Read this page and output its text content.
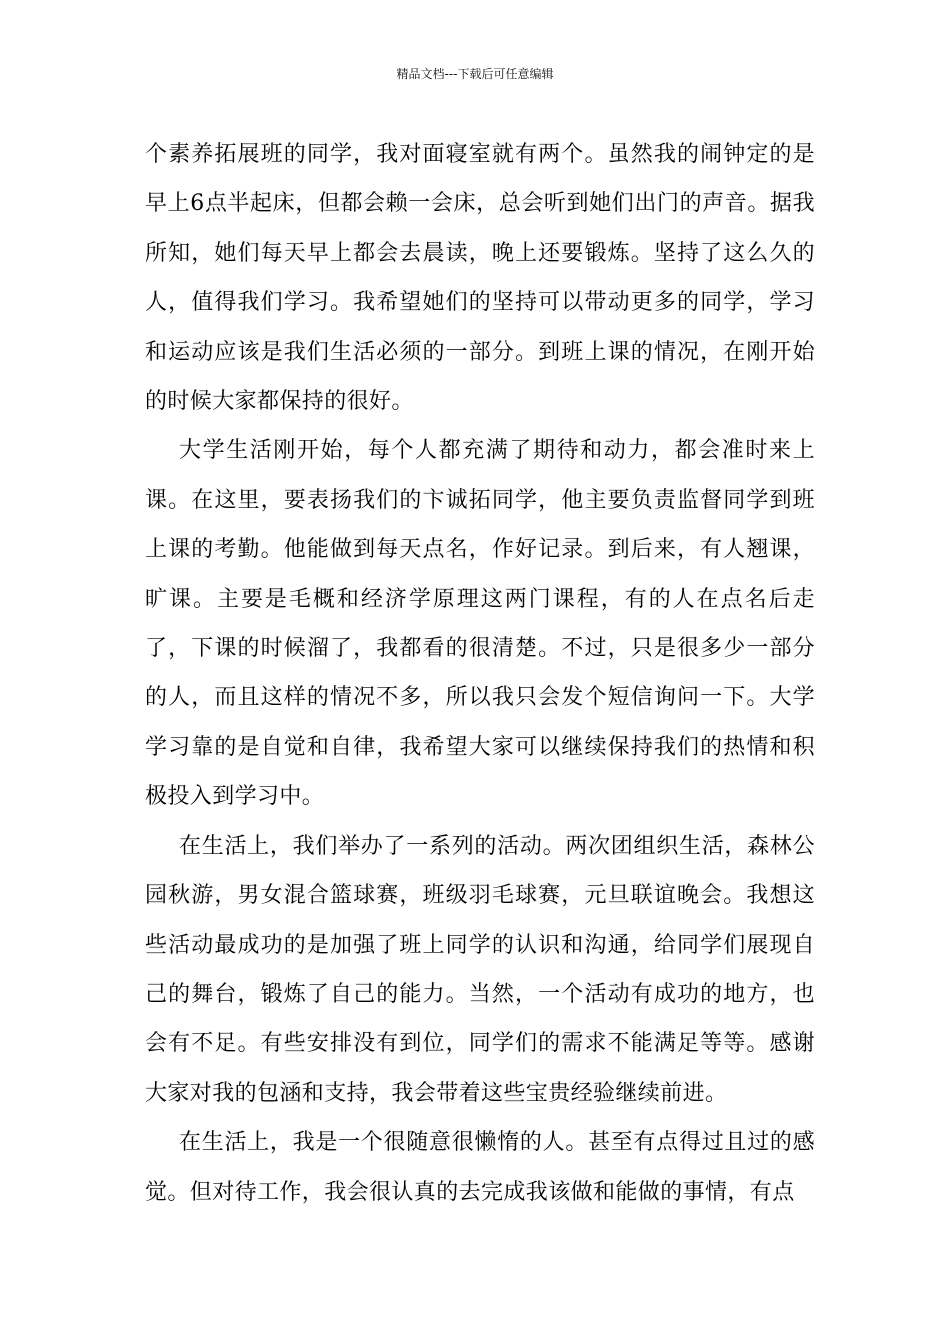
精品文档---下载后可任意编辑

个素养拓展班的同学，我对面寝室就有两个。虽然我的闹钟定的是早上6点半起床，但都会赖一会床，总会听到她们出门的声音。据我所知，她们每天早上都会去晨读，晚上还要锻炼。坚持了这么久的人，值得我们学习。我希望她们的坚持可以带动更多的同学，学习和运动应该是我们生活必须的一部分。到班上课的情况，在刚开始的时候大家都保持的很好。

大学生活刚开始，每个人都充满了期待和动力，都会准时来上课。在这里，要表扬我们的卞诚拓同学，他主要负责监督同学到班上课的考勤。他能做到每天点名，作好记录。到后来，有人翘课，旷课。主要是毛概和经济学原理这两门课程，有的人在点名后走了，下课的时候溜了，我都看的很清楚。不过，只是很多少一部分的人，而且这样的情况不多，所以我只会发个短信询问一下。大学学习靠的是自觉和自律，我希望大家可以继续保持我们的热情和积极投入到学习中。

在生活上，我们举办了一系列的活动。两次团组织生活，森林公园秋游，男女混合篮球赛，班级羽毛球赛，元旦联谊晚会。我想这些活动最成功的是加强了班上同学的认识和沟通，给同学们展现自己的舞台，锻炼了自己的能力。当然，一个活动有成功的地方，也会有不足。有些安排没有到位，同学们的需求不能满足等等。感谢大家对我的包涵和支持，我会带着这些宝贵经验继续前进。

在生活上，我是一个很随意很懒惰的人。甚至有点得过且过的感觉。但对待工作，我会很认真的去完成我该做和能做的事情，有点
